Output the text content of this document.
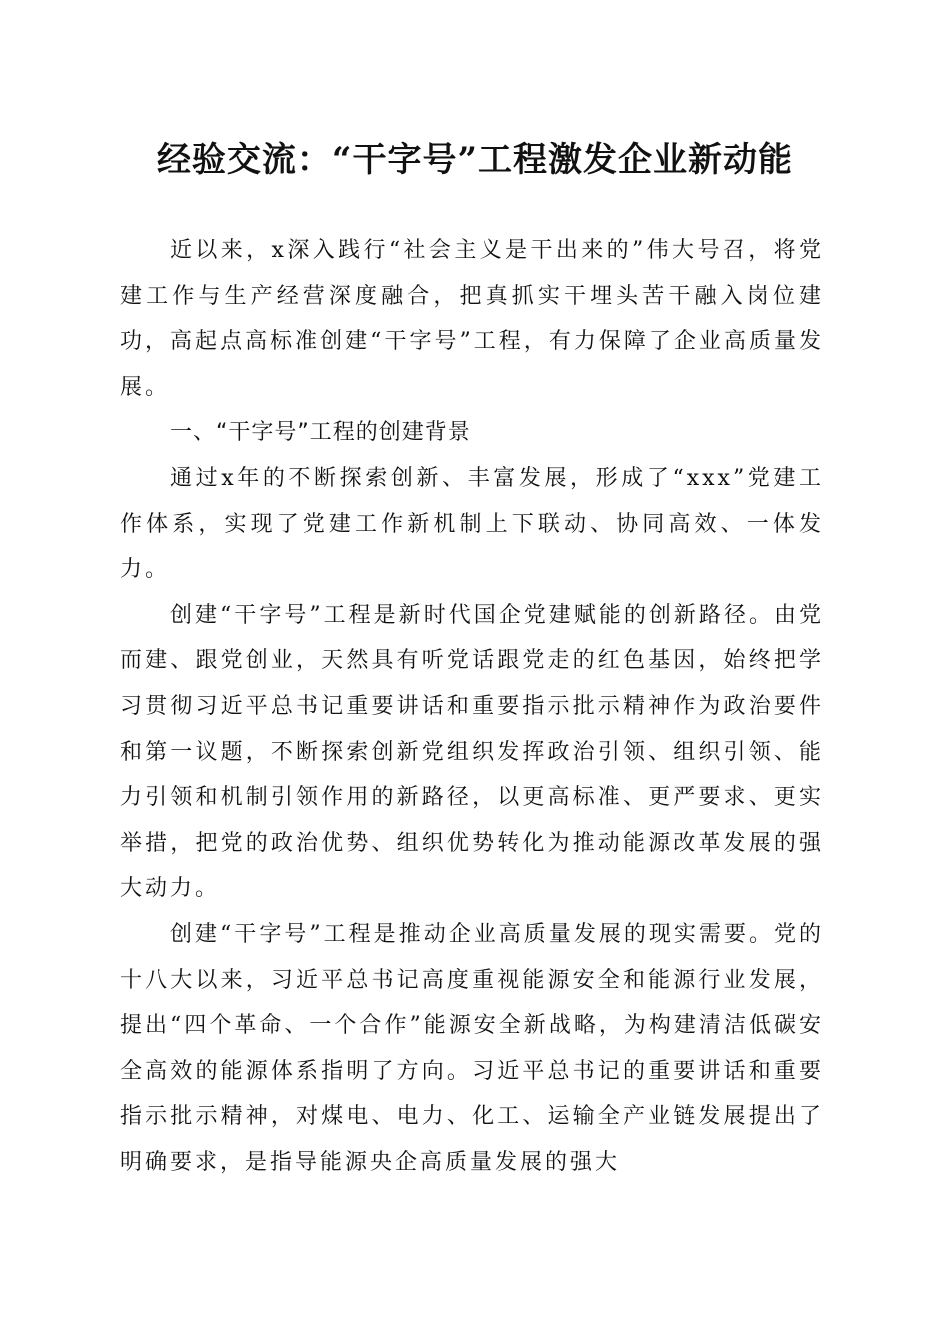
经验交流：“干字号”工程激发企业新动能

近以来，x深入践行“社会主义是干出来的”伟大号召，将党建工作与生产经营深度融合，把真抓实干埋头苦干融入岗位建功，高起点高标准创建“干字号”工程，有力保障了企业高质量发展。

一、“干字号”工程的创建背景

通过x年的不断探索创新、丰富发展，形成了“xxx”党建工作体系，实现了党建工作新机制上下联动、协同高效、一体发力。

创建“干字号”工程是新时代国企党建赋能的创新路径。由党而建、跟党创业，天然具有听党话跟党走的红色基因，始终把学习贯彻习近平总书记重要讲话和重要指示批示精神作为政治要件和第一议题，不断探索创新党组织发挥政治引领、组织引领、能力引领和机制引领作用的新路径，以更高标准、更严要求、更实举措，把党的政治优势、组织优势转化为推动能源改革发展的强大动力。

创建“干字号”工程是推动企业高质量发展的现实需要。党的十八大以来，习近平总书记高度重视能源安全和能源行业发展，提出“四个革命、一个合作”能源安全新战略，为构建清洁低碳安全高效的能源体系指明了方向。习近平总书记的重要讲话和重要指示批示精神，对煤电、电力、化工、运输全产业链发展提出了明确要求，是指导能源央企高质量发展的强大
